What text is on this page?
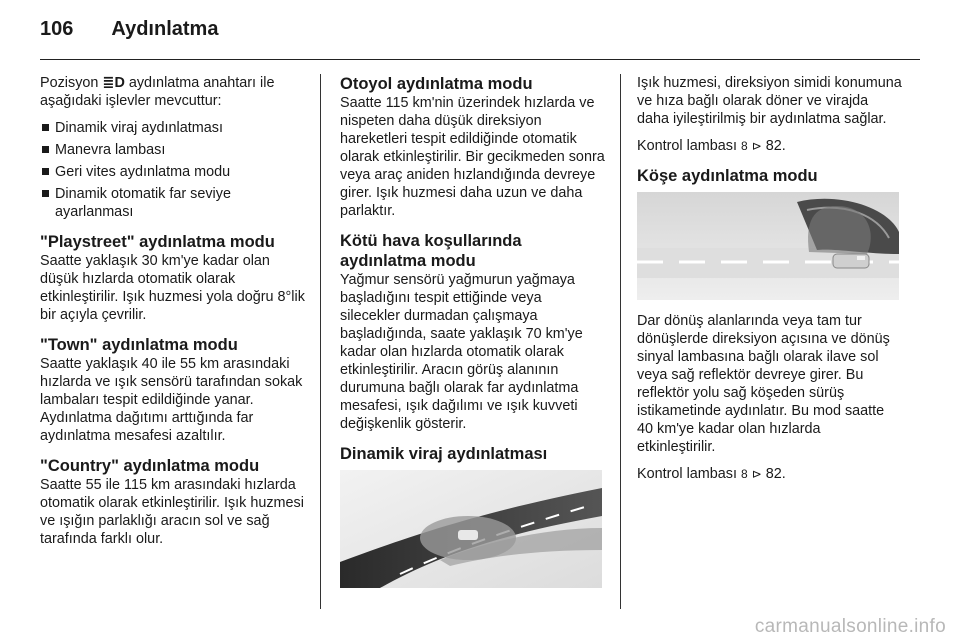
106 Aydınlatma

Pozisyon ≣D aydınlatma anahtarı ile aşağıdaki işlevler mevcuttur:

Dinamik viraj aydınlatması
Manevra lambası
Geri vites aydınlatma modu
Dinamik otomatik far seviye ayarlanması
"Playstreet" aydınlatma modu

Saatte yaklaşık 30 km'ye kadar olan düşük hızlarda otomatik olarak etkinleştirilir. Işık huzmesi yola doğru 8°lik bir açıyla çevrilir.

"Town" aydınlatma modu

Saatte yaklaşık 40 ile 55 km arasındaki hızlarda ve ışık sensörü tarafından sokak lambaları tespit edildiğinde yanar. Aydınlatma dağıtımı arttığında far aydınlatma mesafesi azaltılır.

"Country" aydınlatma modu

Saatte 55 ile 115 km arasındaki hızlarda otomatik olarak etkinleştirilir. Işık huzmesi ve ışığın parlaklığı aracın sol ve sağ tarafında farklı olur.

Otoyol aydınlatma modu

Saatte 115 km'nin üzerindek hızlarda ve nispeten daha düşük direksiyon hareketleri tespit edildiğinde otomatik olarak etkinleştirilir. Bir gecikmeden sonra veya araç aniden hızlandığında devreye girer. Işık huzmesi daha uzun ve daha parlaktır.

Kötü hava koşullarında aydınlatma modu

Yağmur sensörü yağmurun yağmaya başladığını tespit ettiğinde veya silecekler durmadan çalışmaya başladığında, saate yaklaşık 70 km'ye kadar olan hızlarda otomatik olarak etkinleştirilir. Aracın görüş alanının durumuna bağlı olarak far aydınlatma mesafesi, ışık dağılımı ve ışık kuvveti değişkenlik gösterir.

Dinamik viraj aydınlatması

Işık huzmesi, direksiyon simidi konumuna ve hıza bağlı olarak döner ve virajda daha iyileştirilmiş bir aydınlatma sağlar.

Kontrol lambası 8 ⊳ 82.

Köşe aydınlatma modu

Dar dönüş alanlarında veya tam tur dönüşlerde direksiyon açısına ve dönüş sinyal lambasına bağlı olarak ilave sol veya sağ reflektör devreye girer. Bu reflektör yolu sağ köşeden sürüş istikametinde aydınlatır. Bu mod saatte 40 km'ye kadar olan hızlarda etkinleştirilir.

Kontrol lambası 8 ⊳ 82.

carmanualsonline.info
